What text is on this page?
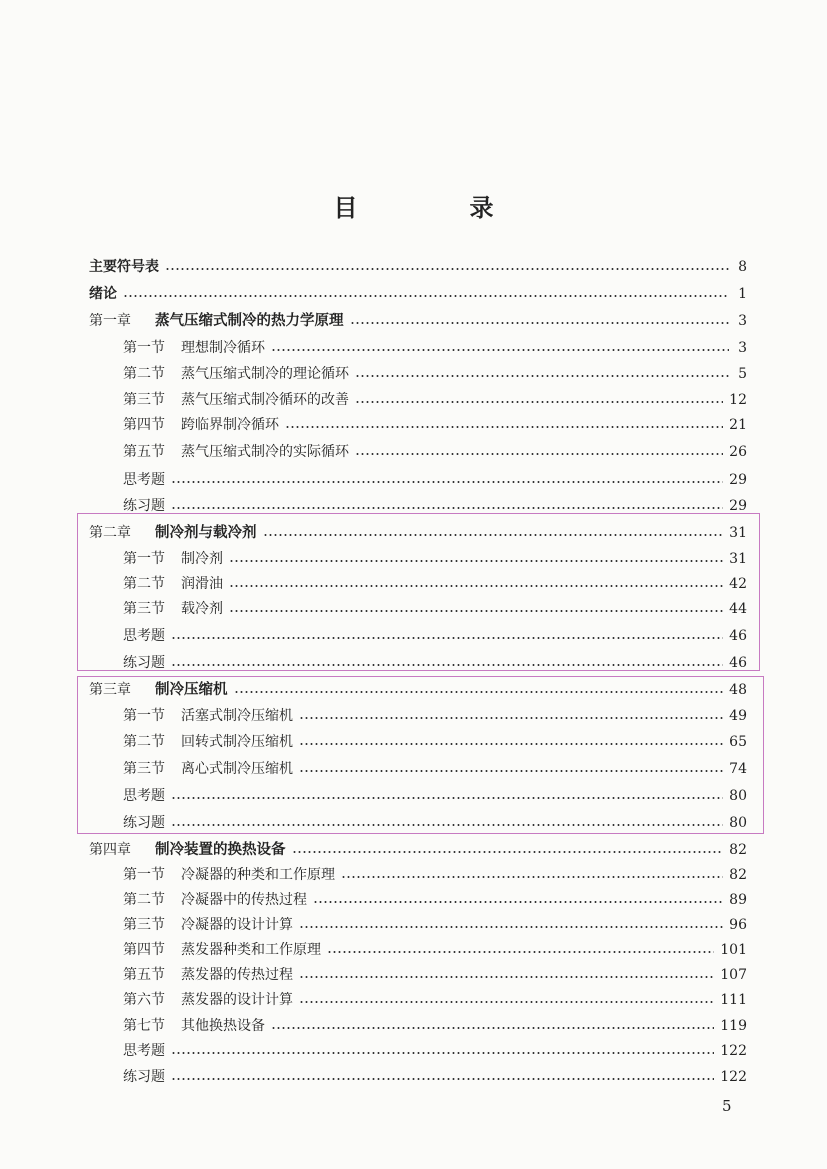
目　录
主要符号表	8
绪论	1
第一章	蒸气压缩式制冷的热力学原理	3
第一节	理想制冷循环	3
第二节	蒸气压缩式制冷的理论循环	5
第三节	蒸气压缩式制冷循环的改善	12
第四节	跨临界制冷循环	21
第五节	蒸气压缩式制冷的实际循环	26
思考题	29
练习题	29
第二章	制冷剂与载冷剂	31
第一节	制冷剂	31
第二节	润滑油	42
第三节	载冷剂	44
思考题	46
练习题	46
第三章	制冷压缩机	48
第一节	活塞式制冷压缩机	49
第二节	回转式制冷压缩机	65
第三节	离心式制冷压缩机	74
思考题	80
练习题	80
第四章	制冷装置的换热设备	82
第一节	冷凝器的种类和工作原理	82
第二节	冷凝器中的传热过程	89
第三节	冷凝器的设计计算	96
第四节	蒸发器种类和工作原理	101
第五节	蒸发器的传热过程	107
第六节	蒸发器的设计计算	111
第七节	其他换热设备	119
思考题	122
练习题	122
5
